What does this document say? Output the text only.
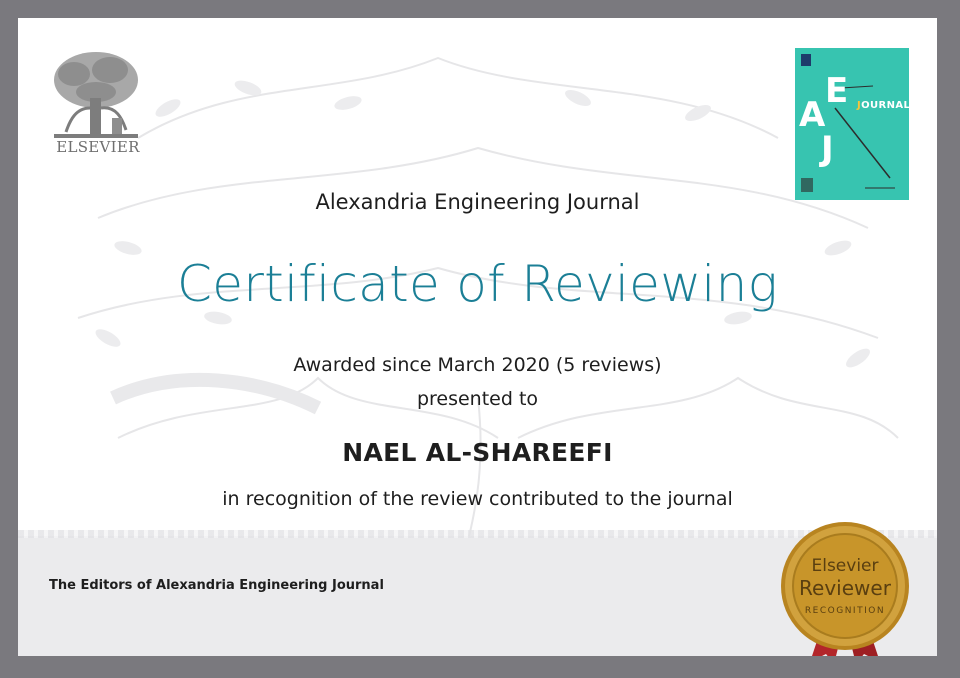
ELSEVIER
A
E
J
JOURNAL
Alexandria Engineering Journal
Certificate of Reviewing
Awarded since March 2020 (5 reviews)
presented to
NAEL AL-SHAREEFI
in recognition of the review contributed to the journal
The Editors of Alexandria Engineering Journal
Elsevier
Reviewer
RECOGNITION
